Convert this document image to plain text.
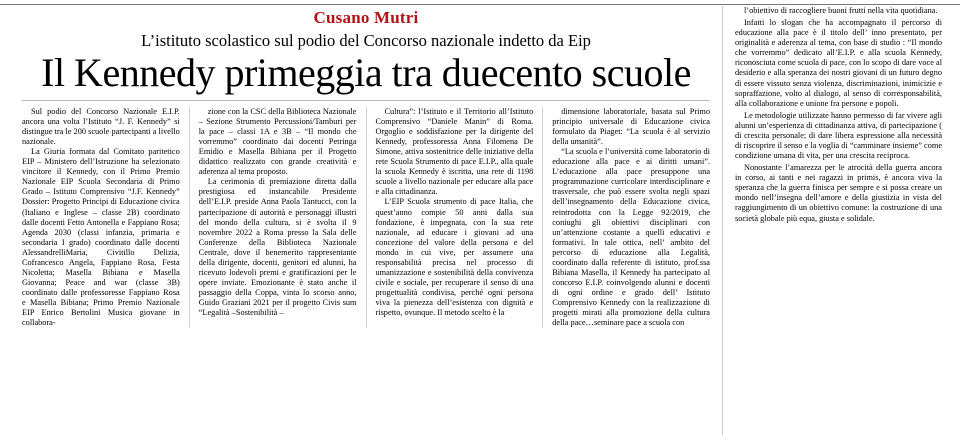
Cusano Mutri
L’istituto scolastico sul podio del Concorso nazionale indetto da Eip
Il Kennedy primeggia tra duecento scuole

Sul podio del Concorso Nazionale E.I.P. ancora una volta l’Istituto “J. F. Kennedy” si distingue tra le 200 scuole partecipanti a livello nazionale.

La Giuria formata dal Comitato paritetico EIP – Ministero dell’Istruzione ha selezionato vincitore il Kennedy, con il Primo Premio Nazionale EIP Scuola Secondaria di Primo Grado – Istituto Comprensivo “J.F. Kennedy” Dossier: Progetto Principi di Educazione civica (Italiano e Inglese – classe 2B) coordinato dalle docenti Fetto Antonella e Fappiano Rosa; Agenda 2030 (classi infanzia, primaria e secondaria I grado) coordinato dalle docenti AlessandrelliMaria, Civitillo Delizia, Cofrancesco Angela, Fappiano Rosa, Festa Nicoletta; Masella Bibiana e Masella Giovanna; Peace and war (classe 3B) coordinato dalle professoresse Fappiano Rosa e Masella Bibiana; Primo Premio Nazionale EIP Enrico Bertolini Musica giovane in collabora-

zione con la CSC della Biblioteca Nazionale – Sezione Strumento Percussioni/Tamburi per la pace – classi 1A e 3B – “Il mondo che vorremmo” coordinato dai docenti Petringa Emidio e Masella Bibiana per il Progetto didattico realizzato con grande creatività e aderenza al tema proposto.

La cerimonia di premiazione diretta dalla prestigiosa ed instancabile Presidente dell’E.I.P. preside Anna Paola Tantucci, con la partecipazione di autorità e personaggi illustri del mondo della cultura, si è svolta il 9 novembre 2022 a Roma presso la Sala delle Conferenze della Biblioteca Nazionale Centrale, dove il benemerito rappresentante della dirigente, docenti, genitori ed alunni, ha ricevuto lodevoli premi e gratificazioni per le opere inviate. Emozionante è stato anche il passaggio della Coppa, vinta lo scorso anno, Guido Graziani 2021 per il progetto Civis sum “Legalità –Sostenibilità –

Cultura”: l’Istituto e il Territorio all’Istituto Comprensivo “Daniele Manin” di Roma. Orgoglio e soddisfazione per la dirigente del Kennedy, professoressa Anna Filomena De Simone, attiva sostenitrice delle iniziative della rete Scuola Strumento di pace E.I.P., alla quale la scuola Kennedy è iscritta, una rete di 1198 scuole a livello nazionale per educare alla pace e alla cittadinanza.

L’EIP Scuola strumento di pace Italia, che quest’anno compie 50 anni dalla sua fondazione, è impegnata, con la sua rete nazionale, ad educare i giovani ad una concezione del valore della persona e del mondo in cui vive, per assumere una responsabilità precisa nel processo di umanizzazione e sostenibilità della convivenza civile e sociale, per recuperare il senso di una progettualità condivisa, perché ogni persona viva la pienezza dell’esistenza con dignità e rispetto, ovunque. Il metodo scelto è la

dimensione laboratoriale, basata sul Primo principio universale di Educazione civica formulato da Piaget: “La scuola è al servizio della umanità”.

“La scuola e l’università come laboratorio di educazione alla pace e ai diritti umani”. L’educazione alla pace presuppone una programmazione curricolare interdisciplinare e trasversale, che può essere svolta negli spazi dell’insegnamento della Educazione civica, reintrodotta con la Legge 92/2019, che coniughi gli obiettivi disciplinari con un’attenzione costante a quelli educativi e formativi. In tale ottica, nell’ ambito del percorso di educazione alla Legalità, coordinato dalla referente di istituto, prof.ssa Bibiana Masella, il Kennedy ha partecipato al concorso E.I.P. coinvolgendo alunni e docenti di ogni ordine e grado dell’ Istituto Comprensivo Kennedy con la realizzazione di progetti mirati alla promozione della cultura della pace…seminare pace a scuola con

l’obiettivo di raccogliere buoni frutti nella vita quotidiana.

Infatti lo slogan che ha accompagnato il percorso di educazione alla pace è il titolo dell’ inno presentato, per originalità e aderenza al tema, con base di studio : “Il mondo che vorremmo” dedicato all’E.I.P. e alla scuola Kennedy, riconosciuta come scuola di pace, con lo scopo di dare voce al desiderio e alla speranza dei nostri giovani di un futuro degno di essere vissuto senza violenza, discriminazioni, inimicizie e sopraffazione, volto al dialogo, al senso di corresponsabilità, alla collaborazione e unione fra persone e popoli.

Le metodologie utilizzate hanno permesso di far vivere agli alunni un’esperienza di cittadinanza attiva, di partecipazione ( di crescita personale; di dare libera espressione alla necessità di riscoprire il senso e la voglia di “camminare insieme” come condizione umana di vita, per una crescita reciproca.

Nonostante l’amarezza per le atrocità della guerra ancora in corso, ai tanti e nei ragazzi in primis, è ancora viva la speranza che la guerra finisca per sempre e si possa creare un mondo nell’insegna dell’amore e della giustizia in vista del raggiungimento di un obiettivo comune: la costruzione di una società globale più equa, giusta e solidale.
